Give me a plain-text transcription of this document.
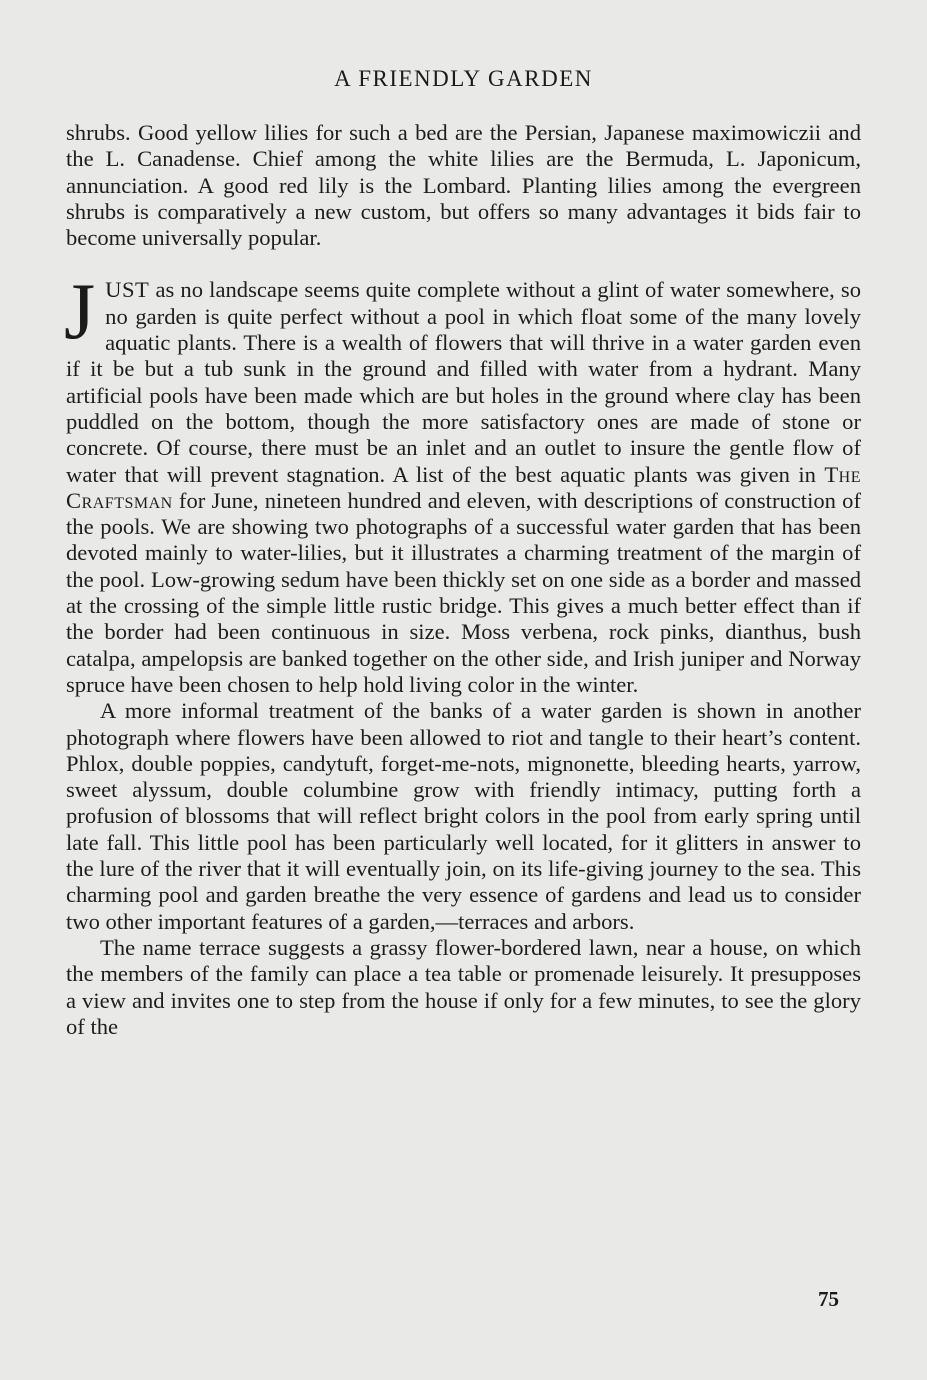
A FRIENDLY GARDEN

shrubs. Good yellow lilies for such a bed are the Persian, Japanese maximowiczii and the L. Canadense. Chief among the white lilies are the Bermuda, L. Japonicum, annunciation. A good red lily is the Lombard. Planting lilies among the evergreen shrubs is comparatively a new custom, but offers so many advantages it bids fair to become universally popular.

JUST as no landscape seems quite complete without a glint of water somewhere, so no garden is quite perfect without a pool in which float some of the many lovely aquatic plants. There is a wealth of flowers that will thrive in a water garden even if it be but a tub sunk in the ground and filled with water from a hydrant. Many artificial pools have been made which are but holes in the ground where clay has been puddled on the bottom, though the more satisfactory ones are made of stone or concrete. Of course, there must be an inlet and an outlet to insure the gentle flow of water that will prevent stagnation. A list of the best aquatic plants was given in The Craftsman for June, nineteen hundred and eleven, with descriptions of construction of the pools. We are showing two photographs of a successful water garden that has been devoted mainly to water-lilies, but it illustrates a charming treatment of the margin of the pool. Low-growing sedum have been thickly set on one side as a border and massed at the crossing of the simple little rustic bridge. This gives a much better effect than if the border had been continuous in size. Moss verbena, rock pinks, dianthus, bush catalpa, ampelopsis are banked together on the other side, and Irish juniper and Norway spruce have been chosen to help hold living color in the winter.

A more informal treatment of the banks of a water garden is shown in another photograph where flowers have been allowed to riot and tangle to their heart’s content. Phlox, double poppies, candytuft, forget-me-nots, mignonette, bleeding hearts, yarrow, sweet alyssum, double columbine grow with friendly intimacy, putting forth a profusion of blossoms that will reflect bright colors in the pool from early spring until late fall. This little pool has been particularly well located, for it glitters in answer to the lure of the river that it will eventually join, on its life-giving journey to the sea. This charming pool and garden breathe the very essence of gardens and lead us to consider two other important features of a garden,—terraces and arbors.

The name terrace suggests a grassy flower-bordered lawn, near a house, on which the members of the family can place a tea table or promenade leisurely. It presupposes a view and invites one to step from the house if only for a few minutes, to see the glory of the

75
